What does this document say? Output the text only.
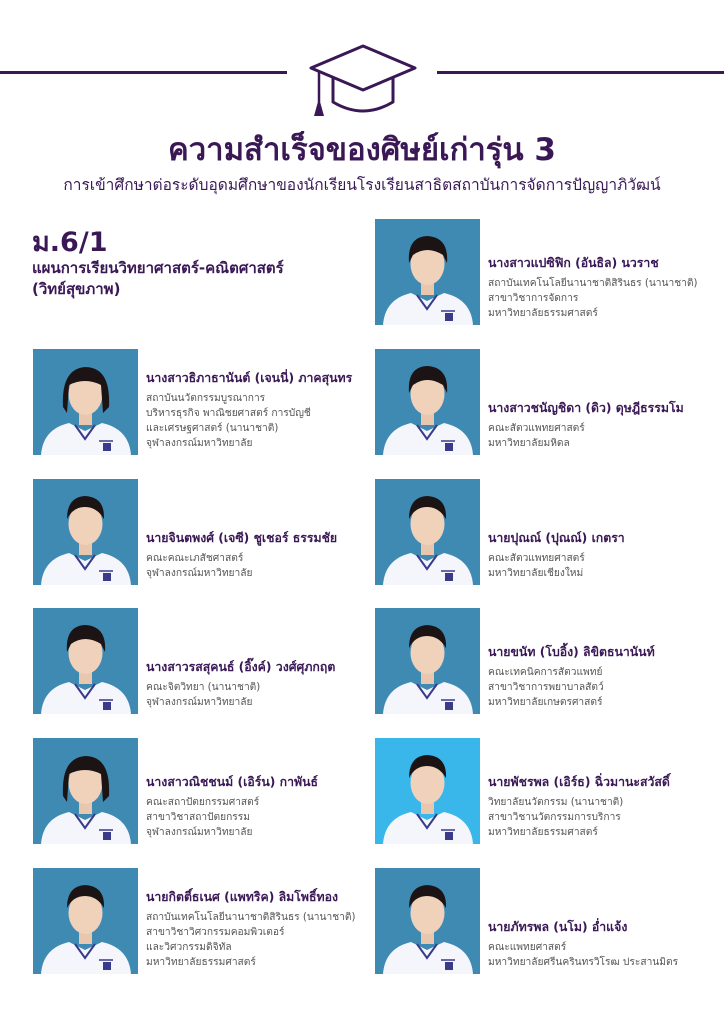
ความสำเร็จของศิษย์เก่ารุ่น 3
การเข้าศึกษาต่อระดับอุดมศึกษาของนักเรียนโรงเรียนสาธิตสถาบันการจัดการปัญญาภิวัฒน์
ม.6/1
แผนการเรียนวิทยาศาสตร์-คณิตศาสตร์
(วิทย์สุขภาพ)
นางสาวธิภาธานันต์ (เจนนี่) ภาคสุนทร
สถาบันนวัตกรรมบูรณาการ
บริหารธุรกิจ พาณิชยศาสตร์ การบัญชี
และเศรษฐศาสตร์ (นานาชาติ)
จุฬาลงกรณ์มหาวิทยาลัย
นายจินตพงศ์ (เจซี) ชูเชอร์ ธรรมชัย
คณะคณะเภสัชศาสตร์
จุฬาลงกรณ์มหาวิทยาลัย
นางสาวรสสุคนธ์ (อิ๊งค์) วงศ์ศุภกฤต
คณะจิตวิทยา (นานาชาติ)
จุฬาลงกรณ์มหาวิทยาลัย
นางสาวณิชชนม์ (เอิร์น) กาพันธ์
คณะสถาปัตยกรรมศาสตร์
สาขาวิชาสถาปัตยกรรม
จุฬาลงกรณ์มหาวิทยาลัย
นายกิตติ์ธเนศ (แพทริค) ลิมโพธิ์ทอง
สถาบันเทคโนโลยีนานาชาติสิรินธร (นานาชาติ)
สาขาวิชาวิศวกรรมคอมพิวเตอร์
และวิศวกรรมดิจิทัล
มหาวิทยาลัยธรรมศาสตร์
นางสาวแปซิฟิก (อันธิล) นวราช
สถาบันเทคโนโลยีนานาชาติสิรินธร (นานาชาติ)
สาขาวิชาการจัดการ
มหาวิทยาลัยธรรมศาสตร์
นางสาวชนัญชิดา (ดิว) ดุษฎีธรรมโม
คณะสัตวแพทยศาสตร์
มหาวิทยาลัยมหิดล
นายปุณณ์ (ปุณณ์) เกตรา
คณะสัตวแพทยศาสตร์
มหาวิทยาลัยเชียงใหม่
นายขนัท (โบอิ้ง) ลิขิตธนานันท์
คณะเทคนิคการสัตวแพทย์
สาขาวิชาการพยาบาลสัตว์
มหาวิทยาลัยเกษตรศาสตร์
นายพัชรพล (เอิร์ธ) ฉิ่วมานะสวัสดิ์
วิทยาลัยนวัตกรรม (นานาชาติ)
สาขาวิชานวัตกรรมการบริการ
มหาวิทยาลัยธรรมศาสตร์
นายภัทรพล (นโม) อ่ำแจ้ง
คณะแพทยศาสตร์
มหาวิทยาลัยศรีนครินทรวิโรฒ ประสานมิตร
